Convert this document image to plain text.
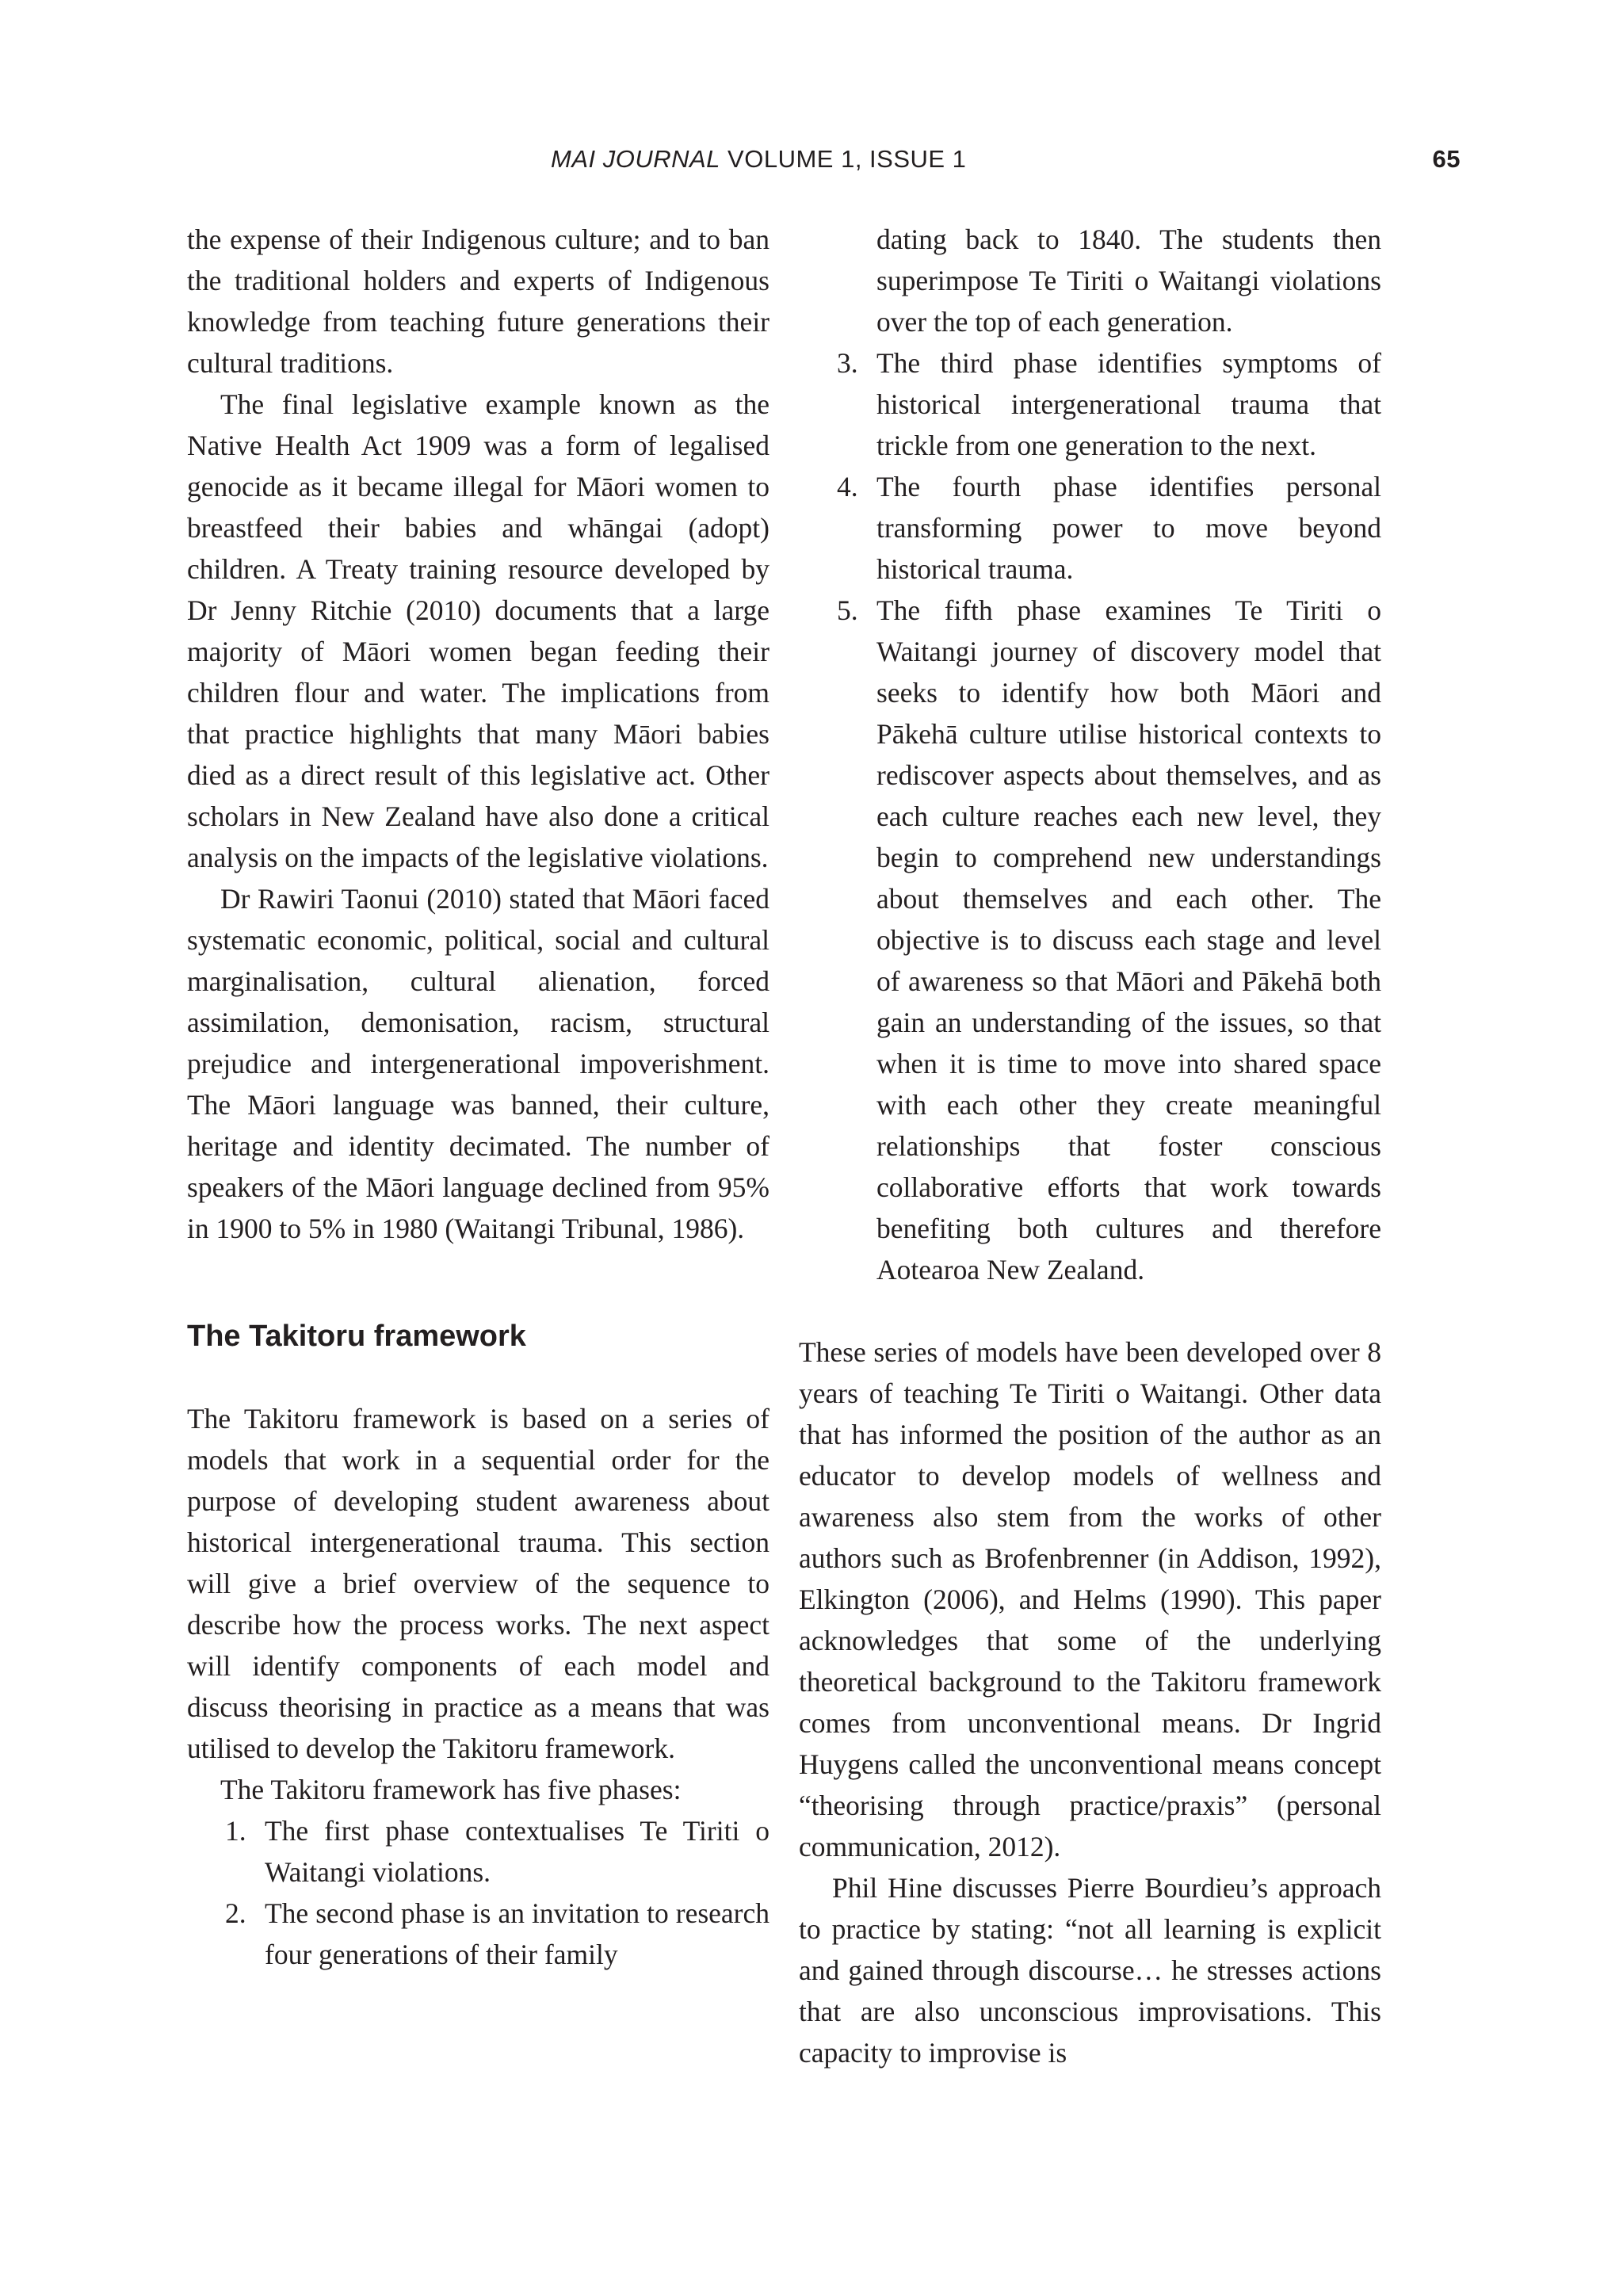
MAI JOURNAL VOLUME 1, ISSUE 1	65

the expense of their Indigenous culture; and to ban the traditional holders and experts of Indigenous knowledge from teaching future generations their cultural traditions.

The final legislative example known as the Native Health Act 1909 was a form of legalised genocide as it became illegal for Māori women to breastfeed their babies and whāngai (adopt) children. A Treaty training resource developed by Dr Jenny Ritchie (2010) documents that a large majority of Māori women began feeding their children flour and water. The implications from that practice highlights that many Māori babies died as a direct result of this legislative act. Other scholars in New Zealand have also done a critical analysis on the impacts of the legislative violations.

Dr Rawiri Taonui (2010) stated that Māori faced systematic economic, political, social and cultural marginalisation, cultural alienation, forced assimilation, demonisation, racism, structural prejudice and intergenerational impoverishment. The Māori language was banned, their culture, heritage and identity decimated. The number of speakers of the Māori language declined from 95% in 1900 to 5% in 1980 (Waitangi Tribunal, 1986).

The Takitoru framework

The Takitoru framework is based on a series of models that work in a sequential order for the purpose of developing student awareness about historical intergenerational trauma. This section will give a brief overview of the sequence to describe how the process works. The next aspect will identify components of each model and discuss theorising in practice as a means that was utilised to develop the Takitoru framework.

The Takitoru framework has five phases:

1. The first phase contextualises Te Tiriti o Waitangi violations.
2. The second phase is an invitation to research four generations of their family
dating back to 1840. The students then superimpose Te Tiriti o Waitangi violations over the top of each generation.
3. The third phase identifies symptoms of historical intergenerational trauma that trickle from one generation to the next.
4. The fourth phase identifies personal transforming power to move beyond historical trauma.
5. The fifth phase examines Te Tiriti o Waitangi journey of discovery model that seeks to identify how both Māori and Pākehā culture utilise historical contexts to rediscover aspects about themselves, and as each culture reaches each new level, they begin to comprehend new understandings about themselves and each other. The objective is to discuss each stage and level of awareness so that Māori and Pākehā both gain an understanding of the issues, so that when it is time to move into shared space with each other they create meaningful relationships that foster conscious collaborative efforts that work towards benefiting both cultures and therefore Aotearoa New Zealand.

These series of models have been developed over 8 years of teaching Te Tiriti o Waitangi. Other data that has informed the position of the author as an educator to develop models of wellness and awareness also stem from the works of other authors such as Brofenbrenner (in Addison, 1992), Elkington (2006), and Helms (1990). This paper acknowledges that some of the underlying theoretical background to the Takitoru framework comes from unconventional means. Dr Ingrid Huygens called the unconventional means concept “theorising through practice/praxis” (personal communication, 2012).

Phil Hine discusses Pierre Bourdieu’s approach to practice by stating: “not all learning is explicit and gained through discourse… he stresses actions that are also unconscious improvisations. This capacity to improvise is
